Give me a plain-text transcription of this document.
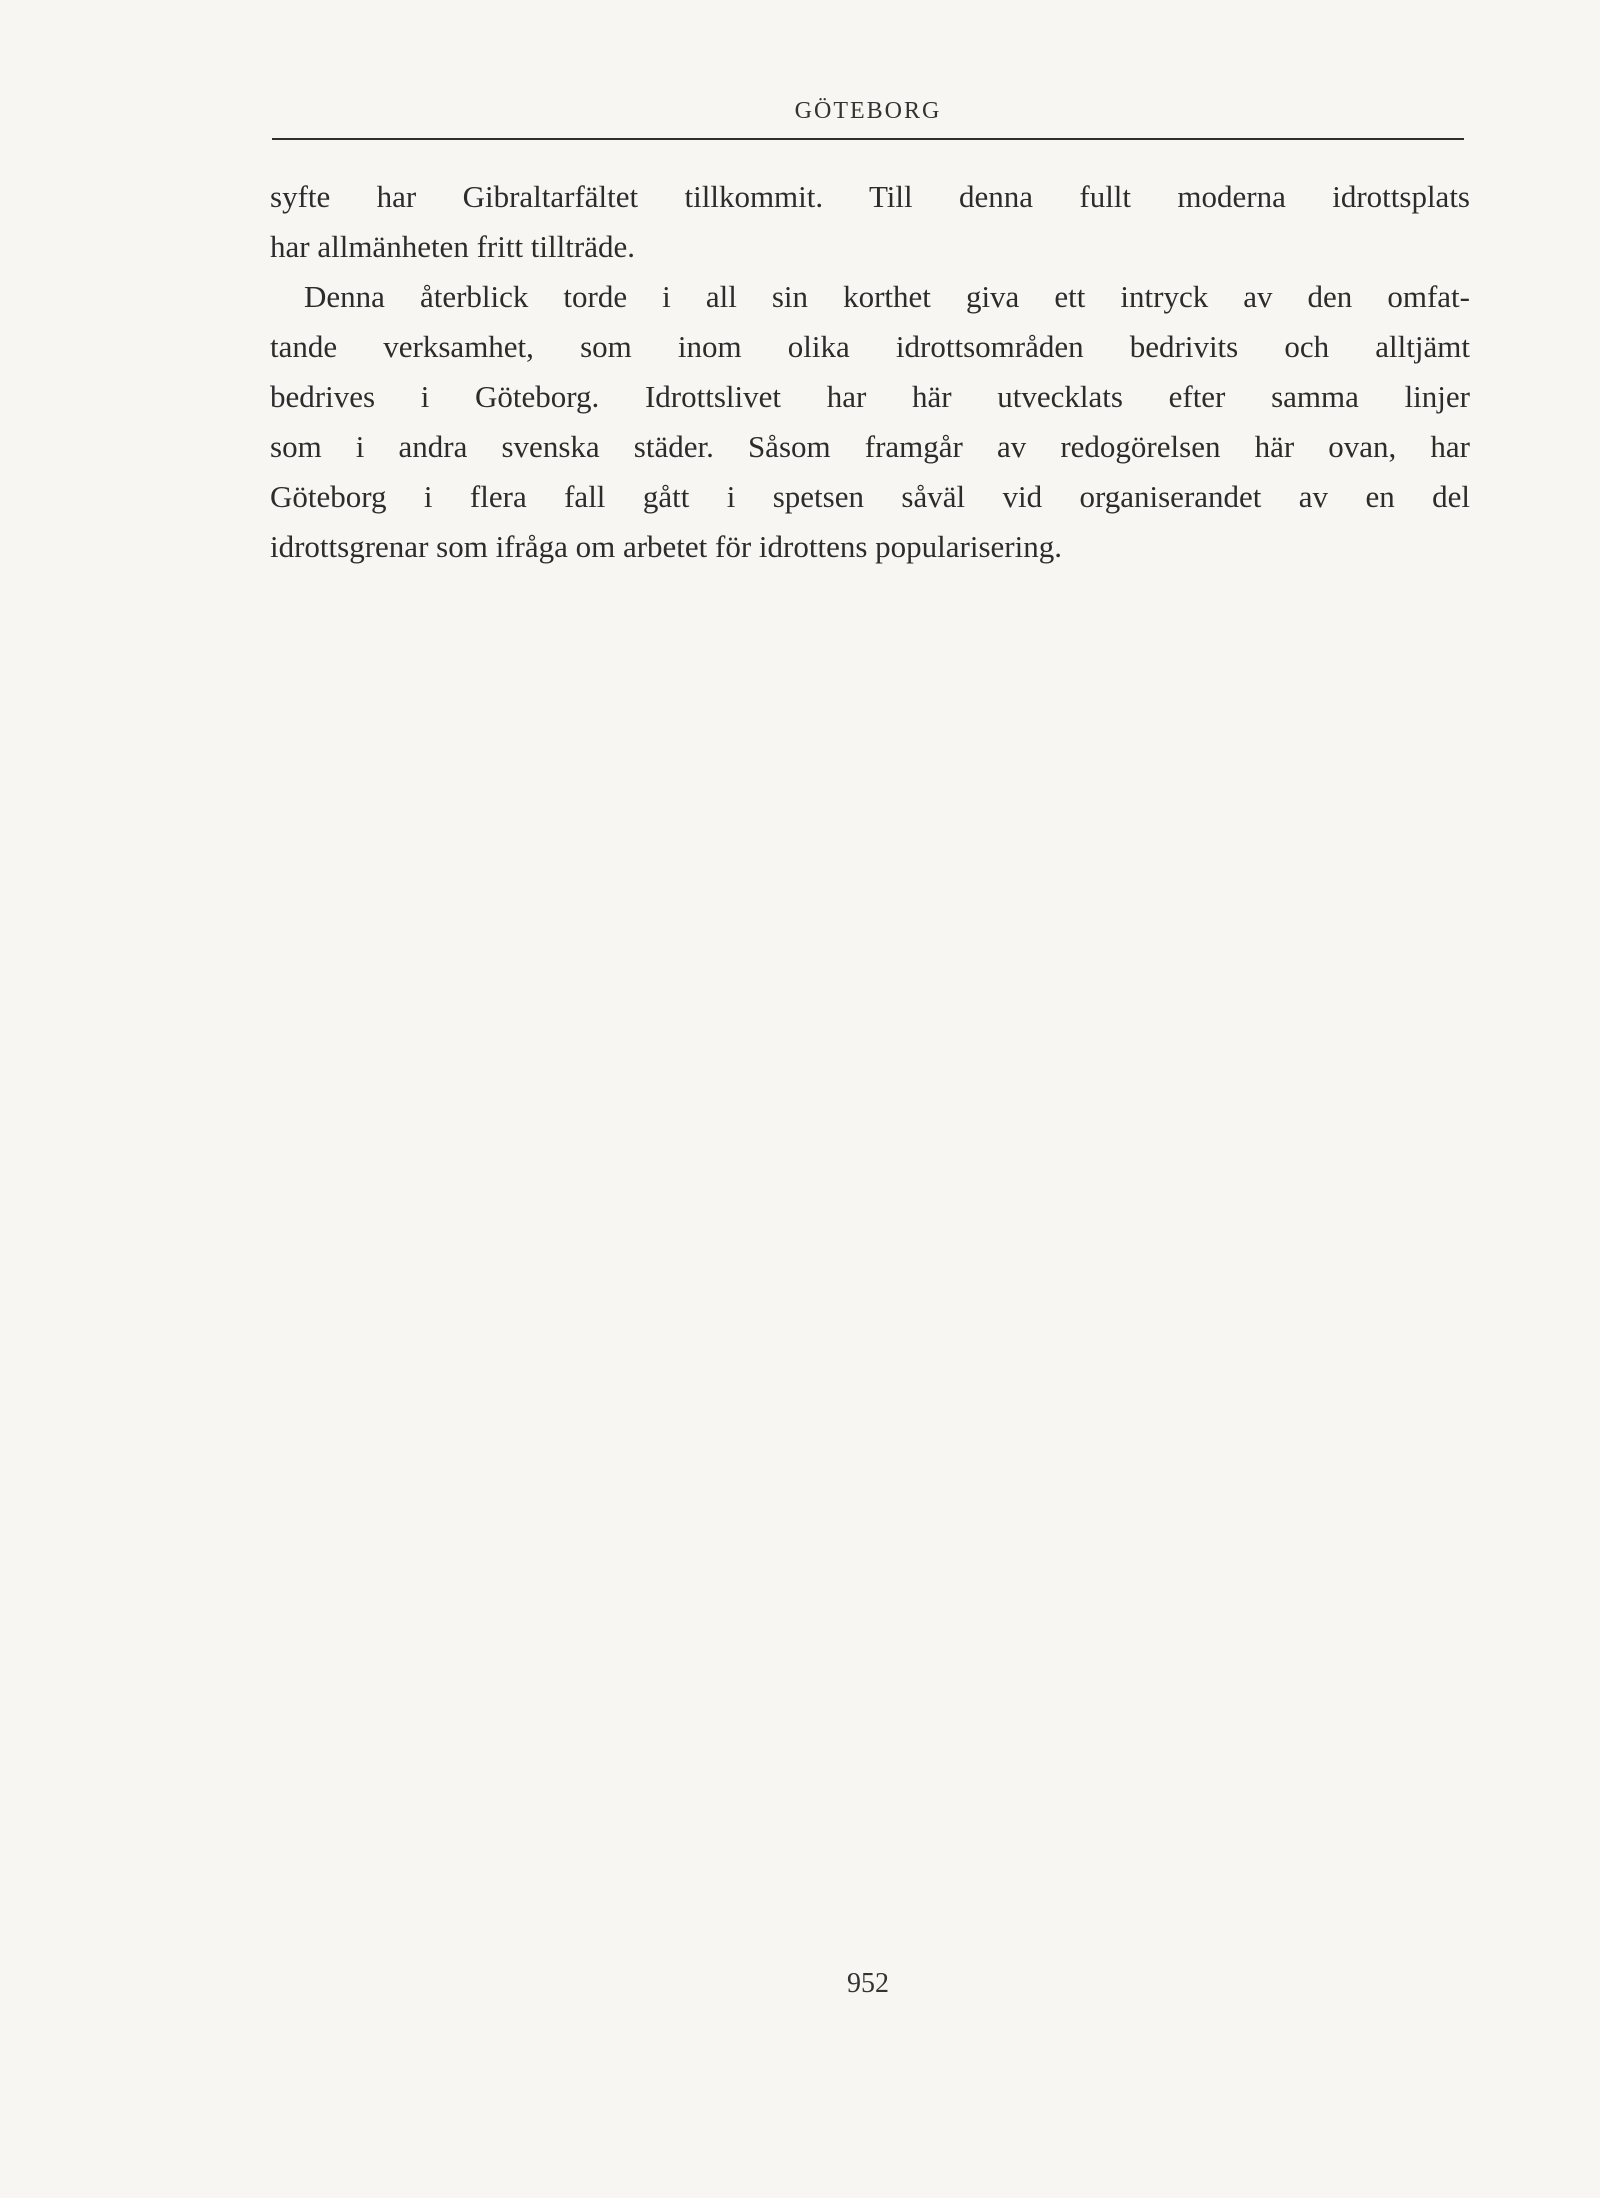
GÖTEBORG
syfte har Gibraltarfältet tillkommit. Till denna fullt moderna idrottsplats
har allmänheten fritt tillträde.
Denna återblick torde i all sin korthet giva ett intryck av den omfat-
tande verksamhet, som inom olika idrottsområden bedrivits och alltjämt
bedrives i Göteborg. Idrottslivet har här utvecklats efter samma linjer
som i andra svenska städer. Såsom framgår av redogörelsen här ovan, har
Göteborg i flera fall gått i spetsen såväl vid organiserandet av en del
idrottsgrenar som ifråga om arbetet för idrottens popularisering.
952
